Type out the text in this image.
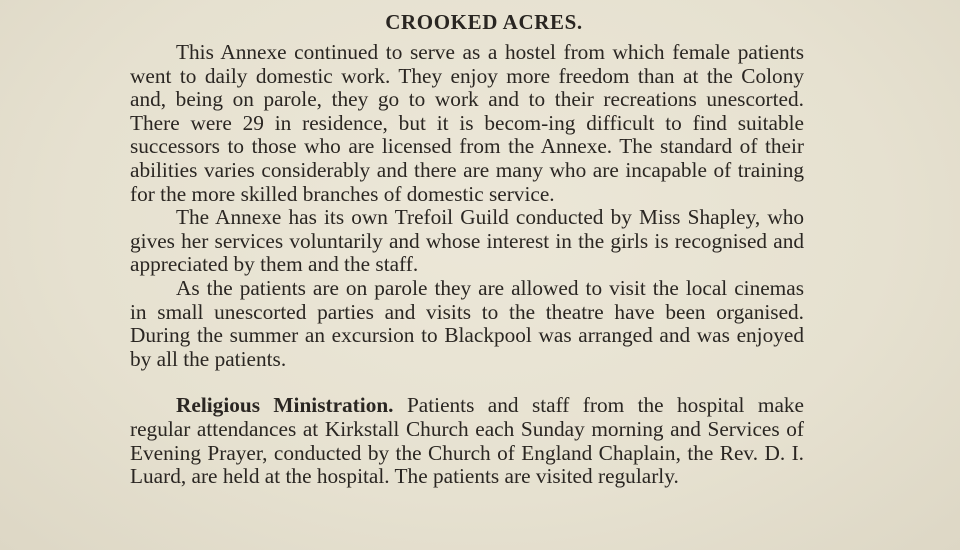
CROOKED ACRES.

This Annexe continued to serve as a hostel from which female patients went to daily domestic work. They enjoy more freedom than at the Colony and, being on parole, they go to work and to their recreations unescorted. There were 29 in residence, but it is becom-ing difficult to find suitable successors to those who are licensed from the Annexe. The standard of their abilities varies considerably and there are many who are incapable of training for the more skilled branches of domestic service.

The Annexe has its own Trefoil Guild conducted by Miss Shapley, who gives her services voluntarily and whose interest in the girls is recognised and appreciated by them and the staff.

As the patients are on parole they are allowed to visit the local cinemas in small unescorted parties and visits to the theatre have been organised. During the summer an excursion to Blackpool was arranged and was enjoyed by all the patients.

Religious Ministration. Patients and staff from the hospital make regular attendances at Kirkstall Church each Sunday morning and Services of Evening Prayer, conducted by the Church of England Chaplain, the Rev. D. I. Luard, are held at the hospital. The patients are visited regularly.
